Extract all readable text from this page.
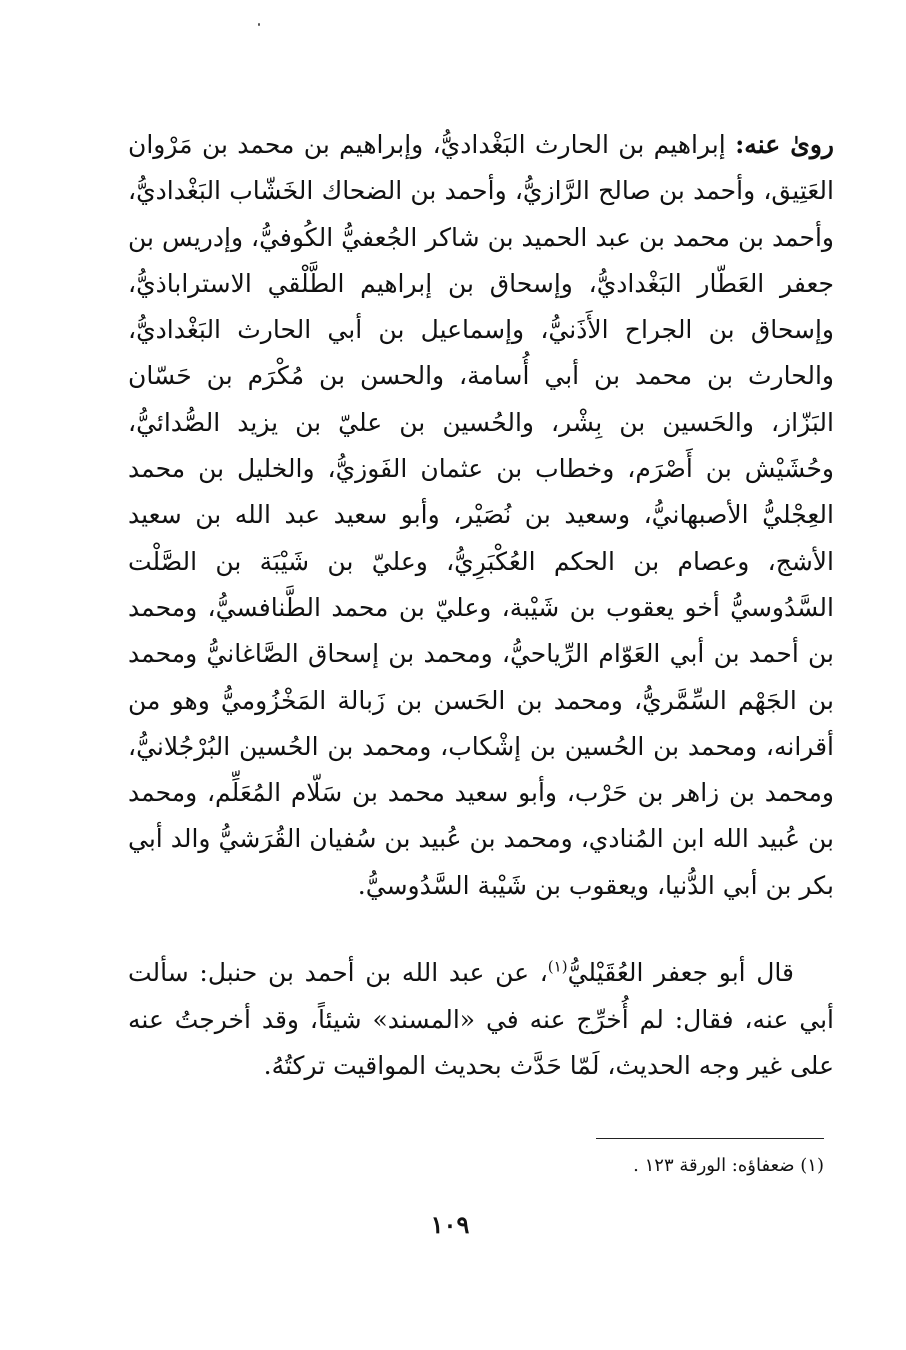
روىٰ عنه: إبراهيم بن الحارث البَغْداديُّ، وإبراهيم بن محمد بن مَرْوان العَتِيق، وأحمد بن صالح الرَّازيُّ، وأحمد بن الضحاك الخَشّاب البَغْداديُّ، وأحمد بن محمد بن عبد الحميد بن شاكر الجُعفيُّ الكُوفيُّ، وإدريس بن جعفر العَطّار البَغْداديُّ، وإسحاق بن إبراهيم الطَّلْقي الاستراباذيُّ، وإسحاق بن الجراح الأَذَنيُّ، وإسماعيل بن أبي الحارث البَغْداديُّ، والحارث بن محمد بن أبي أُسامة، والحسن بن مُكْرَم بن حَسّان البَزّاز، والحَسين بن بِشْر، والحُسين بن عليّ بن يزيد الصُّدائيُّ، وحُشَيْش بن أَصْرَم، وخطاب بن عثمان الفَوزيُّ، والخليل بن محمد العِجْليُّ الأصبهانيُّ، وسعيد بن نُصَيْر، وأبو سعيد عبد الله بن سعيد الأشج، وعصام بن الحكم العُكْبَرِيُّ، وعليّ بن شَيْبَة بن الصَّلْت السَّدُوسيُّ أخو يعقوب بن شَيْبة، وعليّ بن محمد الطَّنافسيُّ، ومحمد بن أحمد بن أبي العَوّام الرِّياحيُّ، ومحمد بن إسحاق الصَّاغانيُّ ومحمد بن الجَهْم السِّمَّريُّ، ومحمد بن الحَسن بن زَبالة المَخْزُوميُّ وهو من أقرانه، ومحمد بن الحُسين بن إشْكاب، ومحمد بن الحُسين البُرْجُلانيُّ، ومحمد بن زاهر بن حَرْب، وأبو سعيد محمد بن سَلّام المُعَلِّم، ومحمد بن عُبيد الله ابن المُنادي، ومحمد بن عُبيد بن سُفيان القُرَشيُّ والد أبي بكر بن أبي الدُّنيا، ويعقوب بن شَيْبة السَّدُوسيُّ.

قال أبو جعفر العُقَيْليُّ$^{(١)}$، عن عبد الله بن أحمد بن حنبل: سألت أبي عنه، فقال: لم أُخرِّج عنه في «المسند» شيئاً، وقد أخرجتُ عنه على غير وجه الحديث، لَمّا حَدَّث بحديث المواقيت تركتُهُ.

(١) ضعفاؤه: الورقة ١٢٣ .
١٠٩
